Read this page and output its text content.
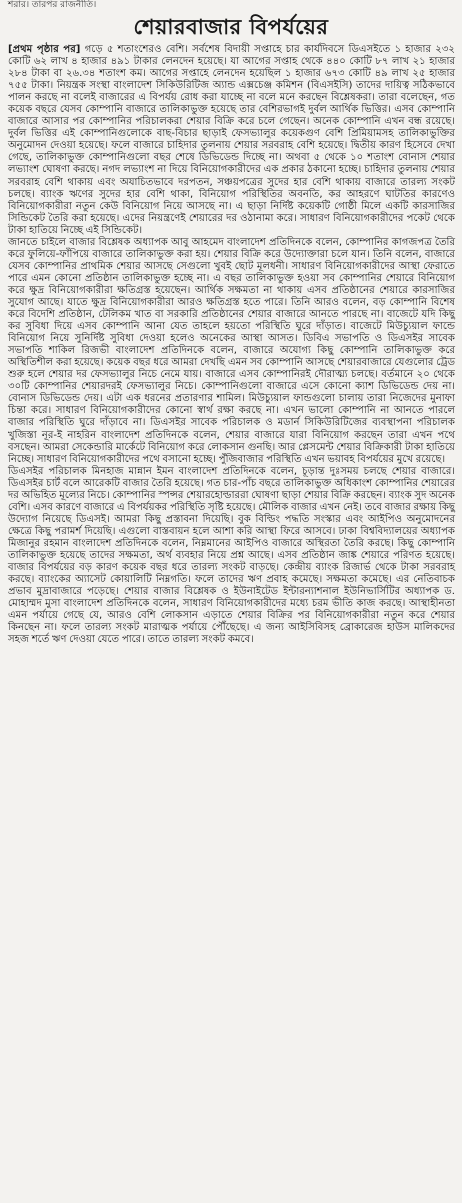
শরার। তারপর রাজনীতি।
শেয়ারবাজার বিপর্যয়ের

[প্রথম পৃষ্ঠার পর] গড়ে ৫ শতাংশেরও বেশি। সর্বশেষ বিদায়ী সপ্তাহে চার কার্যদিবসে ডিএসইতে ১ হাজার ২৩২ কোটি ৬২ লাখ ৪ হাজার ৪৯১ টাকার লেনদেন হয়েছে। যা আগের সপ্তাহ থেকে ৪৪০ কোটি ৮৭ লাখ ২১ হাজার ২৮৪ টাকা বা ২৬.৩৪ শতাংশ কম। আগের সপ্তাহে লেনদেন হয়েছিল ১ হাজার ৬৭৩ কোটি ৪৯ লাখ ২৫ হাজার ৭৫৫ টাকা। নিয়ন্ত্রক সংস্থা বাংলাদেশ সিকিউরিটিজ অ্যান্ড এক্সচেঞ্জ কমিশন (বিএসইসি) তাদের দায়িত্ব সঠিকভাবে পালন করছে না বলেই বাজারের এ বিপর্যয় রোধ করা যাচ্ছে না বলে মনে করছেন বিশ্লেষকরা। তারা বলেছেন, গত কয়েক বছরে যেসব কোম্পানি বাজারে তালিকাভুক্ত হয়েছে তার বেশিরভাগই দুর্বল আর্থিক ভিত্তির। এসব কোম্পানি বাজারে আসার পর কোম্পানির পরিচালকরা শেয়ার বিক্রি করে চলে গেছেন। অনেক কোম্পানি এখন বন্ধ রয়েছে। দুর্বল ভিত্তির এই কোম্পানিগুলোকে বাছ-বিচার ছাড়াই ফেসভ্যালুর কয়েকগুণ বেশি প্রিমিয়ামসহ তালিকাভুক্তির অনুমোদন দেওয়া হয়েছে। ফলে বাজারে চাহিদার তুলনায় শেয়ার সরবরাহ বেশি হয়েছে। দ্বিতীয় কারণ হিসেবে দেখা গেছে, তালিকাভুক্ত কোম্পানিগুলো বছর শেষে ডিভিডেন্ড দিচ্ছে না। অথবা ৫ থেকে ১০ শতাংশ বোনাস শেয়ার লভ্যাংশ ঘোষণা করছে। নগদ লভ্যাংশ না দিয়ে বিনিয়োগকারীদের এক প্রকার ঠকানো হচ্ছে। চাহিদার তুলনায় শেয়ার সরবরাহ বেশি থাকায় এবং অযাচিতভাবে দরপতন, সঞ্চয়পত্রের সুদের হার বেশি থাকায় বাজারে তারল্য সংকট চলছে। ব্যাংক ঋণের সুদের হার বেশি থাকা, বিনিয়োগ পরিস্থিতির অবনতি, কর আহরণে ঘাটতির কারণেও বিনিয়োগকারীরা নতুন কেউ বিনিয়োগ নিয়ে আসছে না। এ ছাড়া নির্দিষ্ট কয়েকটি গোষ্ঠী মিলে একটি কারসাজির সিন্ডিকেট তৈরি করা হয়েছে। এদের নিয়ন্ত্রণেই শেয়ারের দর ওঠানামা করে। সাধারণ বিনিয়োগকারীদের পকেট থেকে টাকা হাতিয়ে নিচ্ছে এই সিন্ডিকেট।

জানতে চাইলে বাজার বিশ্লেষক অধ্যাপক আবু আহমেদ বাংলাদেশ প্রতিদিনকে বলেন, কোম্পানির কাগজপত্র তৈরি করে ফুলিয়ে-ফাঁপিয়ে বাজারে তালিকাভুক্ত করা হয়। শেয়ার বিক্রি করে উদ্যোক্তারা চলে যান। তিনি বলেন, বাজারে যেসব কোম্পানির প্রাথমিক শেয়ার আসছে সেগুলো খুবই ছোট মূলধনী। সাধারণ বিনিয়োগকারীদের আস্থা ফেরাতে পারে এমন কোনো প্রতিষ্ঠান তালিকাভুক্ত হচ্ছে না। এ বছর তালিকাভুক্ত হওয়া সব কোম্পানির শেয়ারে বিনিয়োগ করে ক্ষুদ্র বিনিয়োগকারীরা ক্ষতিগ্রস্ত হয়েছেন। আর্থিক সক্ষমতা না থাকায় এসব প্রতিষ্ঠানের শেয়ারে কারসাজির সুযোগ আছে। যাতে ক্ষুদ্র বিনিয়োগকারীরা আরও ক্ষতিগ্রস্ত হতে পারে। তিনি আরও বলেন, বড় কোম্পানি বিশেষ করে বিদেশি প্রতিষ্ঠান, টেলিকম খাত বা সরকারি প্রতিষ্ঠানের শেয়ার বাজারে আনতে পারছে না। বাজেটে যদি কিছু কর সুবিধা দিয়ে এসব কোম্পানি আনা যেত তাহলে হয়তো পরিস্থিতি ঘুরে দাঁড়াত। বাজেটে মিউচ্যুয়াল ফান্ডে বিনিয়োগ নিয়ে সুনির্দিষ্ট সুবিধা দেওয়া হলেও অনেকের আস্থা আসত। ডিবিএ সভাপতি ও ডিএসইর সাবেক সভাপতি শাকিল রিজভী বাংলাদেশ প্রতিদিনকে বলেন, বাজারে অযোগ্য কিছু কোম্পানি তালিকাভুক্ত করে অস্থিতিশীল করা হয়েছে। কয়েক বছর ধরে আমরা দেখছি এমন সব কোম্পানি আসছে শেয়ারবাজারে যেগুলোর ট্রেড শুরু হলে শেয়ার দর ফেসভ্যালুর নিচে নেমে যায়। বাজারে এসব কোম্পানিরই দৌরাত্ম্য চলছে। বর্তমানে ২০ থেকে ৩০টি কোম্পানির শেয়ারদরই ফেসভ্যালুর নিচে। কোম্পানিগুলো বাজারে এসে কোনো ক্যাশ ডিভিডেন্ড দেয় না। বোনাস ডিভিডেন্ড দেয়। এটা এক ধরনের প্রতারণার শামিল। মিউচ্যুয়াল ফান্ডগুলো চালায় তারা নিজেদের মুনাফা চিন্তা করে। সাধারণ বিনিয়োগকারীদের কোনো স্বার্থ রক্ষা করছে না। এখন ভালো কোম্পানি না আনতে পারলে বাজার পরিস্থিতি ঘুরে দাঁড়াবে না। ডিএসইর সাবেক পরিচালক ও মডার্ন সিকিউরিটিজের ব্যবস্থাপনা পরিচালক খুজিস্তা নূর-ই নাহরিন বাংলাদেশ প্রতিদিনকে বলেন, শেয়ার বাজারে যারা বিনিয়োগ করছেন তারা এখন পথে বসছেন। আমরা সেকেন্ডারি মার্কেটে বিনিয়োগ করে লোকসান গুনছি। আর প্লেসমেন্ট শেয়ার বিক্রিকারী টাকা হাতিয়ে নিচ্ছে। সাধারণ বিনিয়োগকারীদের পথে বসানো হচ্ছে। পুঁজিবাজার পরিস্থিতি এখন ভয়াবহ বিপর্যয়ের মুখে রয়েছে।

ডিএসইর পরিচালক মিনহাজ মান্নান ইমন বাংলাদেশ প্রতিদিনকে বলেন, চূড়ান্ত দুঃসময় চলছে শেয়ার বাজারে। ডিএসইর চার্ট বলে আরেকটি বাজার তৈরি হয়েছে। গত চার-পাঁচ বছরে তালিকাভুক্ত অধিকাংশ কোম্পানির শেয়ারের দর অভিহিত মূল্যের নিচে। কোম্পানির স্পন্সর শেয়ারহোল্ডাররা ঘোষণা ছাড়া শেয়ার বিক্রি করছেন। ব্যাংক সুদ অনেক বেশি। এসব কারণে বাজারে এ বিপর্যয়কর পরিস্থিতি সৃষ্টি হয়েছে। মৌলিক বাজার এখন নেই। তবে বাজার রক্ষায় কিছু উদ্যোগ নিয়েছে ডিএসই। আমরা কিছু প্রস্তাবনা দিয়েছি। বুক বিল্ডিং পদ্ধতি সংস্কার এবং আইপিও অনুমোদনের ক্ষেত্রে কিছু পরামর্শ দিয়েছি। এগুলো বাস্তবায়ন হলে আশা করি আস্থা ফিরে আসবে। ঢাকা বিশ্ববিদ্যালয়ের অধ্যাপক মিজানুর রহমান বাংলাদেশ প্রতিদিনকে বলেন, নিম্নমানের আইপিও বাজারে অস্থিরতা তৈরি করছে। কিছু কোম্পানি তালিকাভুক্ত হয়েছে তাদের সক্ষমতা, অর্থ ব্যবহার নিয়ে প্রশ্ন আছে। এসব প্রতিষ্ঠান জাঙ্ক শেয়ারে পরিণত হয়েছে। বাজার বিপর্যয়ের বড় কারণ কয়েক বছর ধরে তারল্য সংকট বাড়ছে। কেন্দ্রীয় ব্যাংক রিজার্ভ থেকে টাকা সরবরাহ করছে। ব্যাংকের অ্যাসেট কোয়ালিটি নিম্নগতি। ফলে তাদের ঋণ প্রবাহ কমেছে। সক্ষমতা কমেছে। এর নেতিবাচক প্রভাব মুদ্রাবাজারে পড়েছে। শেয়ার বাজার বিশ্লেষক ও ইউনাইটেড ইন্টারন্যাশনাল ইউনিভার্সিটির অধ্যাপক ড. মোহাম্মদ মুসা বাংলাদেশ প্রতিদিনকে বলেন, সাধারণ বিনিয়োগকারীদের মধ্যে চরম ভীতি কাজ করছে। আস্থাহীনতা এমন পর্যায়ে গেছে যে, আরও বেশি লোকসান এড়াতে শেয়ার বিক্রির পর বিনিয়োগকারীরা নতুন করে শেয়ার কিনছেন না। ফলে তারল্য সংকট মারাত্মক পর্যায়ে পৌঁছেছে। এ জন্য আইসিবিসহ ব্রোকারেজ হাউস মালিকদের সহজ শর্তে ঋণ দেওয়া যেতে পারে। তাতে তারল্য সংকট কমবে।
